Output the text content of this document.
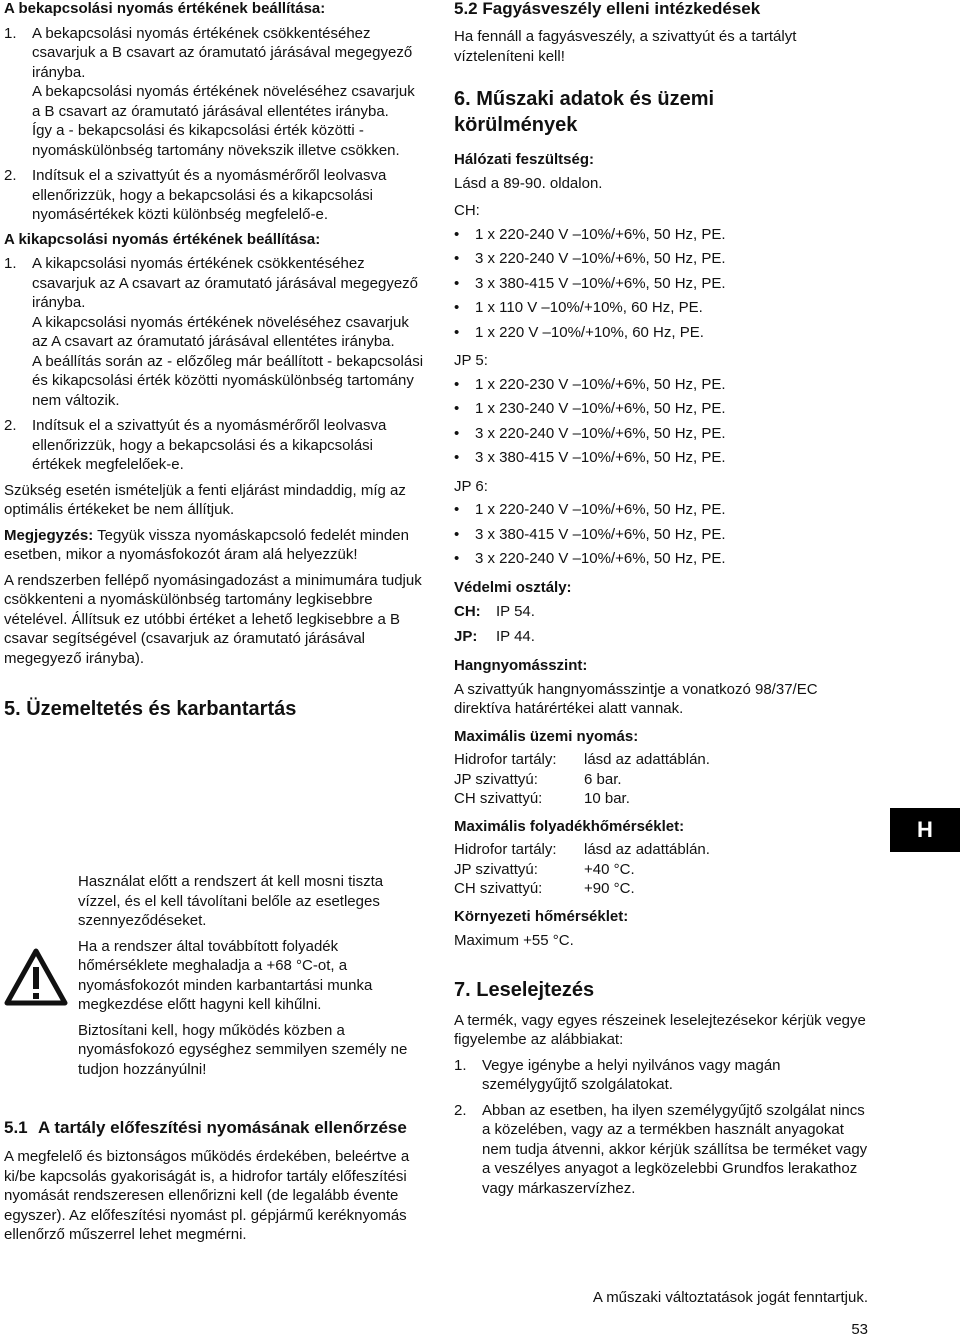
A bekapcsolási nyomás értékének beállítása:

1. A bekapcsolási nyomás értékének csökkentéséhez csavarjuk a B csavart az óramutató járásával megegyező irányba.

A bekapcsolási nyomás értékének növeléséhez csavarjuk a B csavart az óramutató járásával ellentétes irányba.

Így a - bekapcsolási és kikapcsolási érték közötti - nyomáskülönbség tartomány növekszik illetve csökken.

2. Indítsuk el a szivattyút és a nyomásmérőről leolvasva ellenőrizzük, hogy a bekapcsolási és a kikapcsolási nyomásértékek közti különbség megfelelő-e.

A kikapcsolási nyomás értékének beállítása:

1. A kikapcsolási nyomás értékének csökkentéséhez csavarjuk az A csavart az óramutató járásával megegyező irányba.

A kikapcsolási nyomás értékének növeléséhez csavarjuk az A csavart az óramutató járásával ellentétes irányba.

A beállítás során az - előzőleg már beállított - bekapcsolási és kikapcsolási érték közötti nyomáskülönbség tartomány nem változik.

2. Indítsuk el a szivattyút és a nyomásmérőről leolvasva ellenőrizzük, hogy a bekapcsolási és a kikapcsolási értékek megfelelőek-e.

Szükség esetén ismételjük a fenti eljárást mindaddig, míg az optimális értékeket be nem állítjuk.

Megjegyzés: Tegyük vissza nyomáskapcsoló fedelét minden esetben, mikor a nyomásfokozót áram alá helyezzük!

A rendszerben fellépő nyomásingadozást a minimumára tudjuk csökkenteni a nyomáskülönbség tartomány legkisebbre vételével. Állítsuk ez utóbbi értéket a lehető legkisebbre a B csavar segítségével (csavarjuk az óramutató járásával megegyező irányba).

5. Üzemeltetés és karbantartás

Használat előtt a rendszert át kell mosni tiszta vízzel, és el kell távolítani belőle az esetleges szennyeződéseket.

Ha a rendszer által továbbított folyadék hőmérséklete meghaladja a +68 °C-ot, a nyomásfokozót minden karbantartási munka megkezdése előtt hagyni kell kihűlni.

Biztosítani kell, hogy működés közben a nyomásfokozó egységhez semmilyen személy ne tudjon hozzányúlni!

5.1 A tartály előfeszítési nyomásának ellenőrzése

A megfelelő és biztonságos működés érdekében, beleértve a ki/be kapcsolás gyakoriságát is, a hidrofor tartály előfeszítési nyomását rendszeresen ellenőrizni kell (de legalább évente egyszer). Az előfeszítési nyomást pl. gépjármű keréknyomás ellenőrző műszerrel lehet megmérni.

5.2 Fagyásveszély elleni intézkedések

Ha fennáll a fagyásveszély, a szivattyút és a tartályt vízteleníteni kell!

6. Műszaki adatok és üzemi körülmények

Hálózati feszültség:

Lásd a 89-90. oldalon.

CH:

• 1 x 220-240 V –10%/+6%, 50 Hz, PE.

• 3 x 220-240 V –10%/+6%, 50 Hz, PE.

• 3 x 380-415 V –10%/+6%, 50 Hz, PE.

• 1 x 110 V –10%/+10%, 60 Hz, PE.

• 1 x 220 V –10%/+10%, 60 Hz, PE.

JP 5:

• 1 x 220-230 V –10%/+6%, 50 Hz, PE.

• 1 x 230-240 V –10%/+6%, 50 Hz, PE.

• 3 x 220-240 V –10%/+6%, 50 Hz, PE.

• 3 x 380-415 V –10%/+6%, 50 Hz, PE.

JP 6:

• 1 x 220-240 V –10%/+6%, 50 Hz, PE.

• 3 x 380-415 V –10%/+6%, 50 Hz, PE.

• 3 x 220-240 V –10%/+6%, 50 Hz, PE.

Védelmi osztály:

CH:	IP 54.
JP:	IP 44.

Hangnyomásszint:

A szivattyúk hangnyomásszintje a vonatkozó 98/37/EC direktíva határértékei alatt vannak.

Maximális üzemi nyomás:

Hidrofor tartály:	lásd az adattáblán.
JP szivattyú:	6 bar.
CH szivattyú:	10 bar.

Maximális folyadékhőmérséklet:

Hidrofor tartály:	lásd az adattáblán.
JP szivattyú:	+40 °C.
CH szivattyú:	+90 °C.

Környezeti hőmérséklet:

Maximum +55 °C.

7. Leselejtezés

A termék, vagy egyes részeinek leselejtezésekor kérjük vegye figyelembe az alábbiakat:

1. Vegye igénybe a helyi nyilvános vagy magán személygyűjtő szolgálatokat.

2. Abban az esetben, ha ilyen személygyűjtő szolgálat nincs a közelében, vagy az a termékben használt anyagokat nem tudja átvenni, akkor kérjük szállítsa be terméket vagy a veszélyes anyagot a legközelebbi Grundfos lerakathoz vagy márkaszervízhez.

H
A műszaki változtatások jogát fenntartjuk.
53
